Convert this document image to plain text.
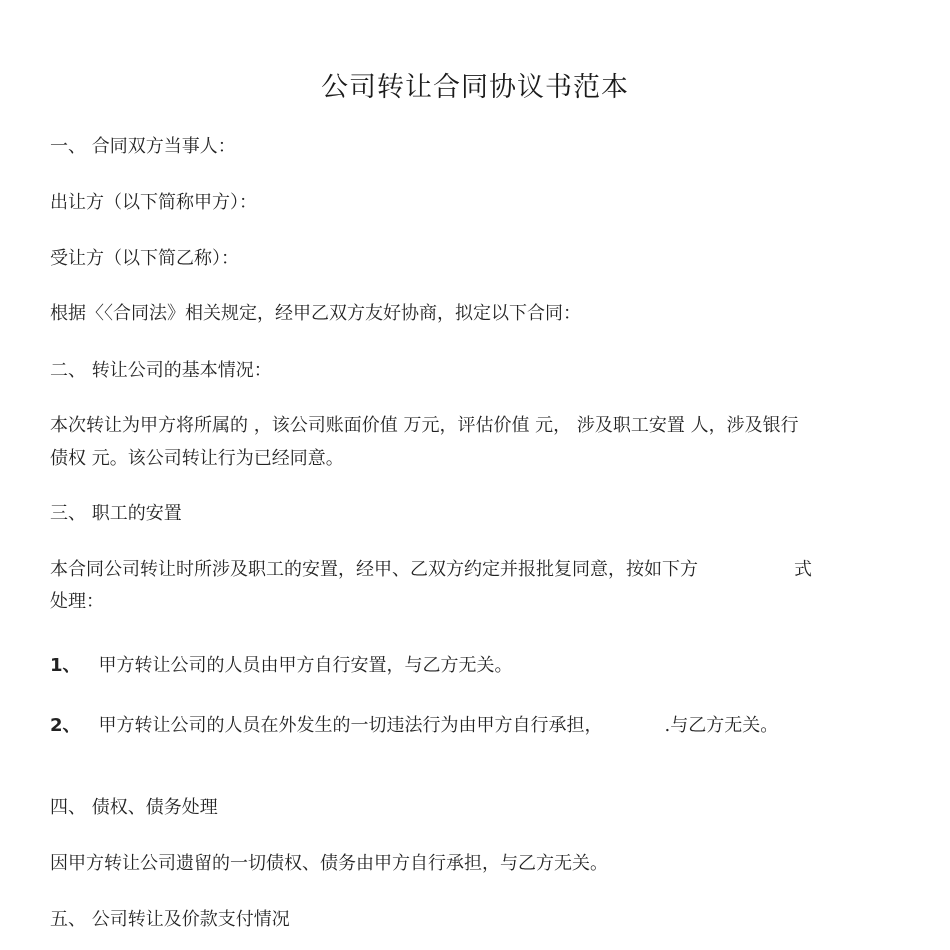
公司转让合同协议书范本
一、 合同双方当事人：
出让方（以下简称甲方）：
受让方（以下简乙称）：
根据〈〈合同法》相关规定，经甲乙双方友好协商，拟定以下合同：
二、 转让公司的基本情况：
本次转让为甲方将所属的 ，该公司账面价值 万元，评估价值 元， 涉及职工安置 人，涉及银行
债权 元。该公司转让行为已经同意。
三、 职工的安置
本合同公司转让时所涉及职工的安置，经甲、乙双方约定并报批复同意，按如下方	式
处理：
1、 甲方转让公司的人员由甲方自行安置，与乙方无关。
2、 甲方转让公司的人员在外发生的一切违法行为由甲方自行承担，	.与乙方无关。
四、 债权、债务处理
因甲方转让公司遗留的一切债权、债务由甲方自行承担，与乙方无关。
五、 公司转让及价款支付情况
